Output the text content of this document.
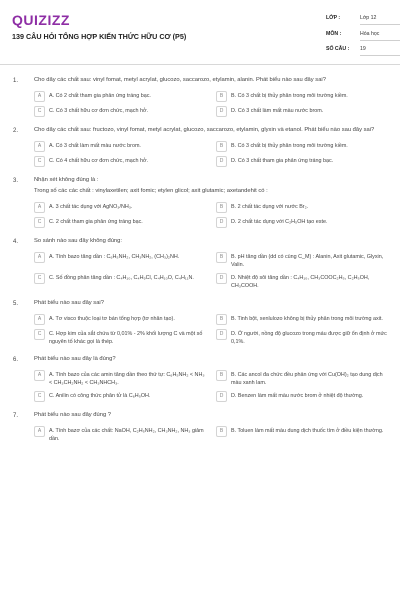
QUIZIZZ
139 CÂU HỎI TỔNG HỢP KIẾN THỨC HỮU CƠ (P5)
LỚP :	Lớp 12
MÔN :	Hóa học
SỐ CÂU : 19
1.	Cho dãy các chất sau: vinyl fomat, metyl acrylat, glucozo, saccarozo, etylamin, alanin. Phát biểu nào sau đây sai?
A	A. Có 2 chất tham gia phản ứng tráng bạc.	B	B. Có 3 chất bị thủy phân trong môi trường kiềm.
C	C. Có 3 chất hữu cơ đơn chức, mạch hở.	D	D. Có 3 chất làm mất màu nước brom.
2.	Cho dãy các chất sau: fructozo, vinyl fomat, metyl acrylat, glucozo, saccarozo, etylamin, glyxin và etanol. Phát biểu nào sau đây sai?
A	A. Có 3 chất làm mất màu nước brom.	B	B. Có 3 chất bị thủy phân trong môi trường kiềm.
C	C. Có 4 chất hữu cơ đơn chức, mạch hở.	D	D. Có 3 chất tham gia phản ứng tráng bạc.
3.	Nhận xét không đúng là :
Trong số các các chất : vinylaxetilen; axit fomic; etylen glicol; axit glutamic; axetandehit có :
A	A. 3 chất tác dụng với AgNO₃/NH₃.	B	B. 2 chất tác dụng với nước Br₂.
C	C. 2 chất tham gia phản ứng tráng bạc.	D	D. 2 chất tác dụng với C₂H₅OH tạo este.
4.	So sánh nào sau đây không đúng:
A	A. Tính bazo tăng dần : C₆H₅NH₂, CH₃NH₂, (CH₃)₂NH.	B	B. pH tăng dần (dd có cùng C_M) : Alanin, Axit glutamic, Glyxin, Valin.
C	C. Số đồng phân tăng dần : C₄H₁₀, C₄H₉Cl, C₄H₁₀O, C₄H₁₁N.	D	D. Nhiệt độ sôi tăng dần : C₄H₁₀, CH₃COOC₂H₅, C₂H₅OH, CH₃COOH.
5.	Phát biểu nào sau đây sai?
A	A. Tơ visco thuộc loại tơ bán tổng hợp (tơ nhân tạo).	B	B. Tinh bột, xenlulozo không bị thủy phân trong môi trường axit.
C	C. Hợp kim của sắt chứa từ 0,01% - 2% khối lượng C và một số nguyên tố khác gọi là thép.
D	D. Ở người, nồng độ glucozo trong máu được giữ ổn định ở mức 0,1%.
6.	Phát biểu nào sau đây là đúng?
A	A. Tính bazo của các amin tăng dần theo thứ tự: C₆H₅NH₂ < NH₃ < CH₃CH₂NH₂ < CH₃NHCH₃.
B	B. Các ancol đa chức đều phản ứng với Cu(OH)₂ tạo dung dịch màu xanh lam.
C	C. Anilin có công thức phân tử là C₆H₅OH.	D	D. Benzen làm mất màu nước brom ở nhiệt độ thường.
7.	Phát biểu nào sau đây đúng ?
A	A. Tính bazơ của các chất: NaOH, C₂H₅NH₂, CH₃NH₂, NH₃ giảm dần.
B	B. Toluen làm mất màu dung dịch thuốc tím ở điều kiện thường.
